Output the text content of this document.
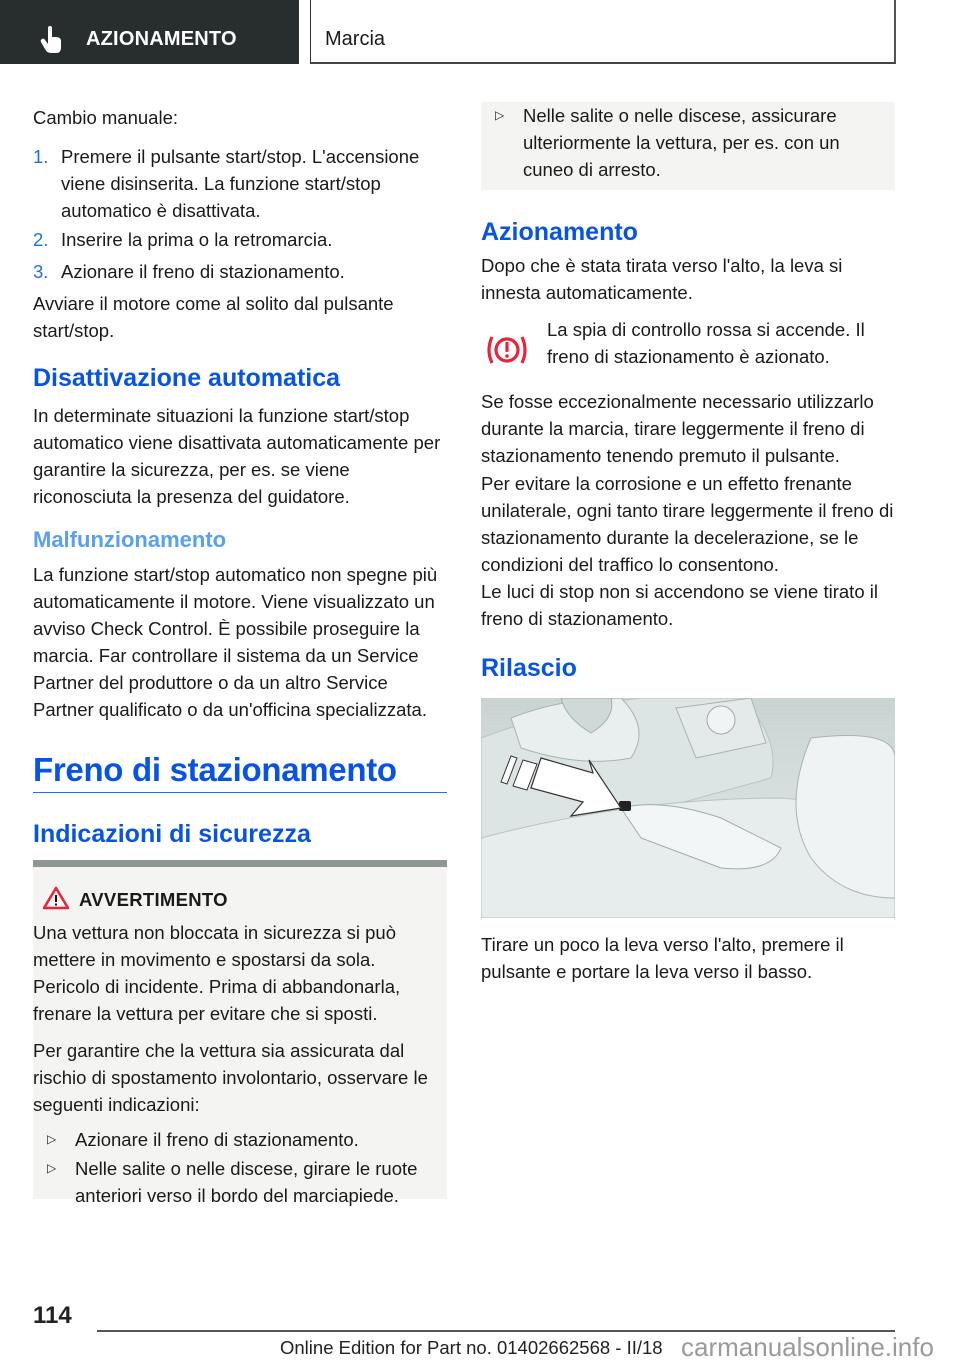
AZIONAMENTO	Marcia

Cambio manuale:

1. Premere il pulsante start/stop. L'accensione viene disinserita. La funzione start/stop automatico è disattivata.
2. Inserire la prima o la retromarcia.
3. Azionare il freno di stazionamento.

Avviare il motore come al solito dal pulsante start/stop.

Disattivazione automatica

In determinate situazioni la funzione start/stop automatico viene disattivata automaticamente per garantire la sicurezza, per es. se viene riconosciuta la presenza del guidatore.

Malfunzionamento

La funzione start/stop automatico non spegne più automaticamente il motore. Viene visualizzato un avviso Check Control. È possibile proseguire la marcia. Far controllare il sistema da un Service Partner del produttore o da un altro Service Partner qualificato o da un'officina specializzata.

Freno di stazionamento
Indicazioni di sicurezza
AVVERTIMENTO

Una vettura non bloccata in sicurezza si può mettere in movimento e spostarsi da sola. Pericolo di incidente. Prima di abbandonarla, frenare la vettura per evitare che si sposti.

Per garantire che la vettura sia assicurata dal rischio di spostamento involontario, osservare le seguenti indicazioni:

▷ Azionare il freno di stazionamento.
▷ Nelle salite o nelle discese, girare le ruote anteriori verso il bordo del marciapiede.
▷ Nelle salite o nelle discese, assicurare ulteriormente la vettura, per es. con un cuneo di arresto.
Azionamento

Dopo che è stata tirata verso l'alto, la leva si innesta automaticamente.

La spia di controllo rossa si accende. Il freno di stazionamento è azionato.

Se fosse eccezionalmente necessario utilizzarlo durante la marcia, tirare leggermente il freno di stazionamento tenendo premuto il pulsante.

Per evitare la corrosione e un effetto frenante unilaterale, ogni tanto tirare leggermente il freno di stazionamento durante la decelerazione, se le condizioni del traffico lo consentono.

Le luci di stop non si accendono se viene tirato il freno di stazionamento.

Rilascio

Tirare un poco la leva verso l'alto, premere il pulsante e portare la leva verso il basso.

114
Online Edition for Part no. 01402662568 - II/18 carmanualsonline.info
